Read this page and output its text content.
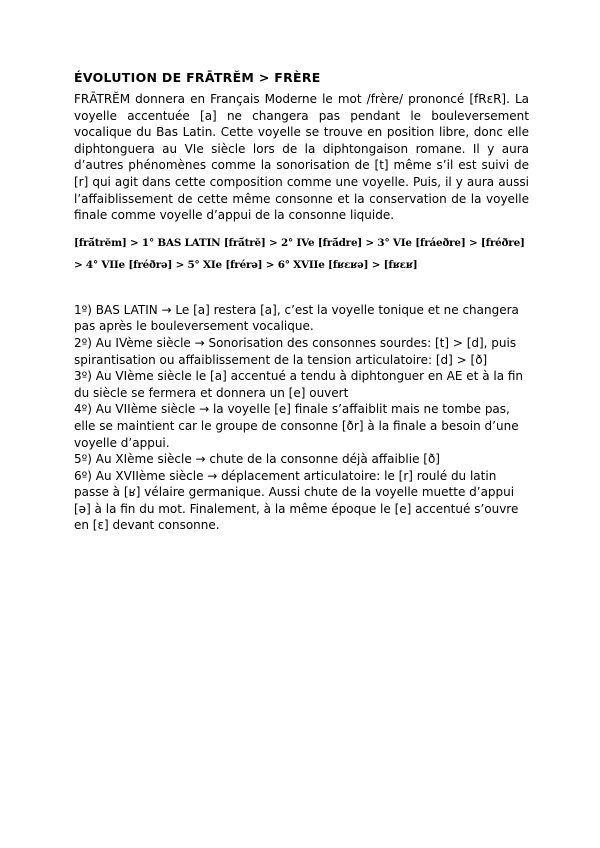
ÉVOLUTION DE FRĀTRĔM > FRÈRE

FRĀTRĔM donnera en Français Moderne le mot /frère/ prononcé [fRɛR]. La voyelle accentuée [a] ne changera pas pendant le bouleversement vocalique du Bas Latin. Cette voyelle se trouve en position libre, donc elle diphtonguera au VIe siècle lors de la diphtongaison romane. Il y aura d’autres phénomènes comme la sonorisation de [t] même s’il est suivi de [r] qui agit dans cette composition comme une voyelle. Puis, il y aura aussi l’affaiblissement de cette même consonne et la conservation de la voyelle finale comme voyelle d’appui de la consonne liquide.

[frā́trĕm] > 1° BAS LATIN [frā́trĕ] > 2° IVe [frā́dre] > 3° VIe [fráeðre] > [fréðre] > 4° VIIe [fréðrə] > 5° XIe [frérə] > 6° XVIIe [fʁɛʁə] > [fʁɛʁ]

1º) BAS LATIN → Le [a] restera [a], c’est la voyelle tonique et ne changera pas après le bouleversement vocalique.

2º) Au IVème siècle → Sonorisation des consonnes sourdes: [t] > [d], puis spirantisation ou affaiblissement de la tension articulatoire: [d] > [ð]

3º) Au VIème siècle le [a] accentué a tendu à diphtonguer en AE et à la fin du siècle se fermera et donnera un [e] ouvert

4º) Au VIIème siècle → la voyelle [e] finale s’affaiblit mais ne tombe pas, elle se maintient car le groupe de consonne [ðr] à la finale a besoin d’une voyelle d’appui.

5º) Au XIème siècle → chute de la consonne déjà affaiblie [ð]

6º) Au XVIIème siècle → déplacement articulatoire: le [r] roulé du latin passe à [ʁ] vélaire germanique. Aussi chute de la voyelle muette d’appui [ə] à la fin du mot. Finalement, à la même époque le [e] accentué s’ouvre en [ɛ] devant consonne.
